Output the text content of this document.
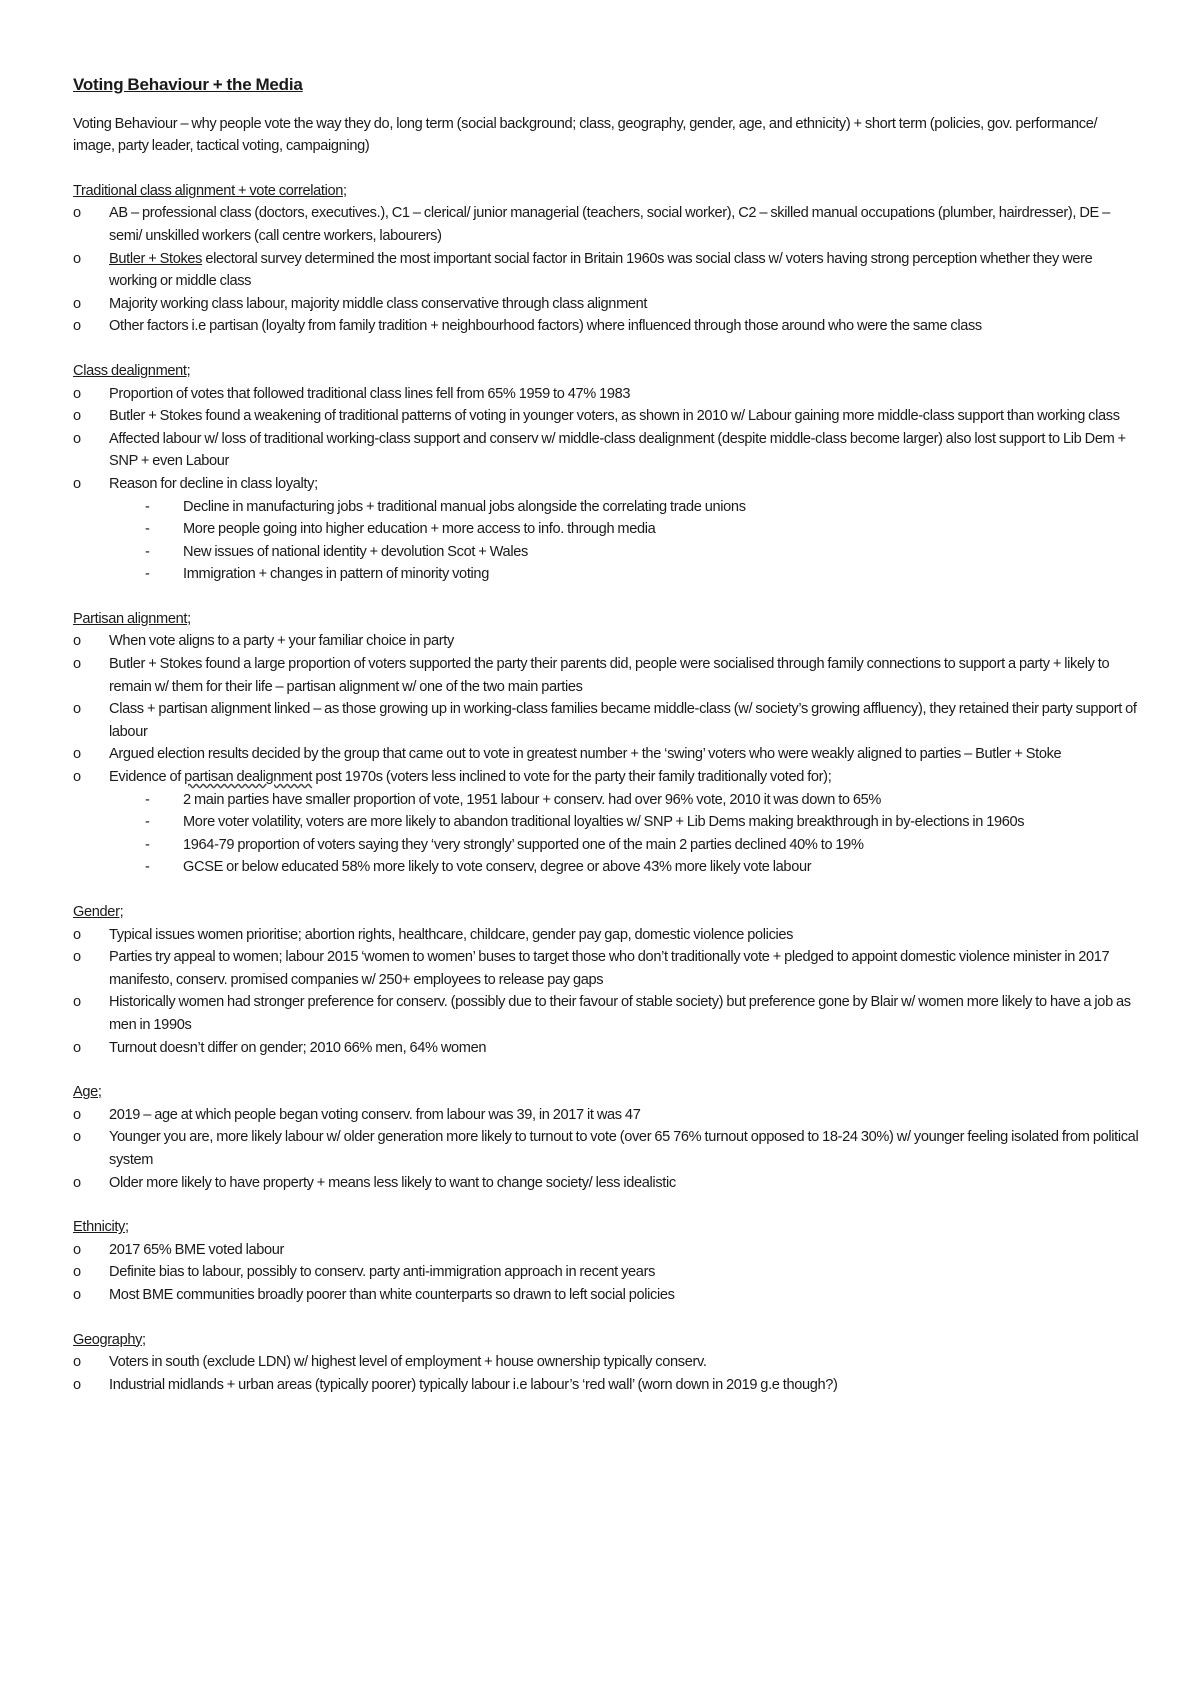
Voting Behaviour + the Media

Voting Behaviour – why people vote the way they do, long term (social background; class, geography, gender, age, and ethnicity) + short term (policies, gov. performance/ image, party leader, tactical voting, campaigning)

Traditional class alignment + vote correlation;

o	AB – professional class (doctors, executives.), C1 – clerical/ junior managerial (teachers, social worker), C2 – skilled manual occupations (plumber, hairdresser), DE – semi/ unskilled workers (call centre workers, labourers)

o	Butler + Stokes electoral survey determined the most important social factor in Britain 1960s was social class w/ voters having strong perception whether they were working or middle class

o	Majority working class labour, majority middle class conservative through class alignment

o	Other factors i.e partisan (loyalty from family tradition + neighbourhood factors) where influenced through those around who were the same class

Class dealignment;

o	Proportion of votes that followed traditional class lines fell from 65% 1959 to 47% 1983

o	Butler + Stokes found a weakening of traditional patterns of voting in younger voters, as shown in 2010 w/ Labour gaining more middle-class support than working class

o	Affected labour w/ loss of traditional working-class support and conserv w/ middle-class dealignment (despite middle-class become larger) also lost support to Lib Dem + SNP + even Labour

o	Reason for decline in class loyalty;

- Decline in manufacturing jobs + traditional manual jobs alongside the correlating trade unions

- More people going into higher education + more access to info. through media

- New issues of national identity + devolution Scot + Wales

- Immigration + changes in pattern of minority voting

Partisan alignment;

o	When vote aligns to a party + your familiar choice in party

o	Butler + Stokes found a large proportion of voters supported the party their parents did, people were socialised through family connections to support a party + likely to remain w/ them for their life – partisan alignment w/ one of the two main parties

o	Class + partisan alignment linked – as those growing up in working-class families became middle-class (w/ society’s growing affluency), they retained their party support of labour

o	Argued election results decided by the group that came out to vote in greatest number + the ‘swing’ voters who were weakly aligned to parties – Butler + Stoke

o	Evidence of partisan dealignment post 1970s (voters less inclined to vote for the party their family traditionally voted for);

- 2 main parties have smaller proportion of vote, 1951 labour + conserv. had over 96% vote, 2010 it was down to 65%

- More voter volatility, voters are more likely to abandon traditional loyalties w/ SNP + Lib Dems making breakthrough in by-elections in 1960s

- 1964-79 proportion of voters saying they ‘very strongly’ supported one of the main 2 parties declined 40% to 19%

- GCSE or below educated 58% more likely to vote conserv, degree or above 43% more likely vote labour

Gender;

o	Typical issues women prioritise; abortion rights, healthcare, childcare, gender pay gap, domestic violence policies

o	Parties try appeal to women; labour 2015 ‘women to women’ buses to target those who don’t traditionally vote + pledged to appoint domestic violence minister in 2017 manifesto, conserv. promised companies w/ 250+ employees to release pay gaps

o	Historically women had stronger preference for conserv. (possibly due to their favour of stable society) but preference gone by Blair w/ women more likely to have a job as men in 1990s

o	Turnout doesn’t differ on gender; 2010 66% men, 64% women

Age;

o	2019 – age at which people began voting conserv. from labour was 39, in 2017 it was 47

o	Younger you are, more likely labour w/ older generation more likely to turnout to vote (over 65 76% turnout opposed to 18-24 30%) w/ younger feeling isolated from political system

o	Older more likely to have property + means less likely to want to change society/ less idealistic

Ethnicity;

o	2017 65% BME voted labour

o	Definite bias to labour, possibly to conserv. party anti-immigration approach in recent years

o	Most BME communities broadly poorer than white counterparts so drawn to left social policies

Geography;

o	Voters in south (exclude LDN) w/ highest level of employment + house ownership typically conserv.

o	Industrial midlands + urban areas (typically poorer) typically labour i.e labour’s ‘red wall’ (worn down in 2019 g.e though?)
